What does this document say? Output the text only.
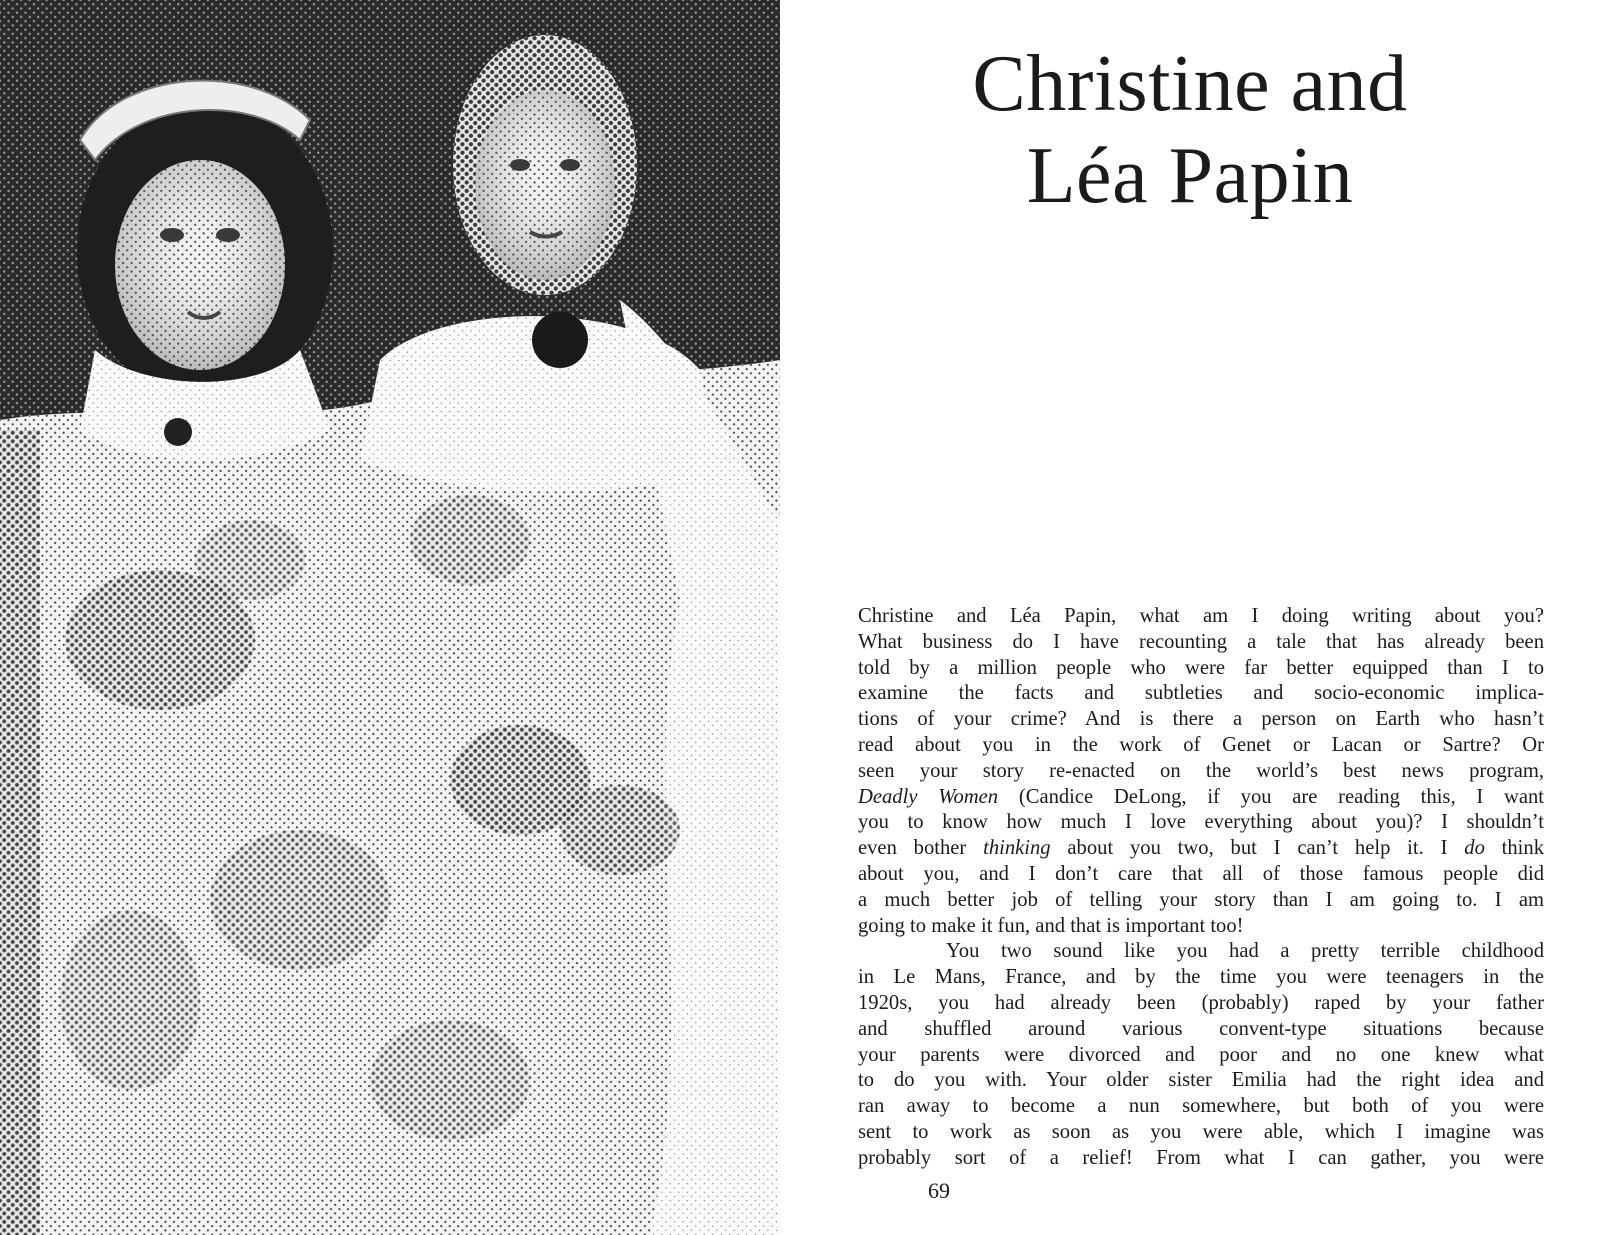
Christine and
Léa Papin
Christine and Léa Papin, what am I doing writing about you?
What business do I have recounting a tale that has already been
told by a million people who were far better equipped than I to
examine the facts and subtleties and socio-economic implica-
tions of your crime? And is there a person on Earth who hasn’t
read about you in the work of Genet or Lacan or Sartre? Or
seen your story re-enacted on the world’s best news program,
Deadly Women (Candice DeLong, if you are reading this, I want
you to know how much I love everything about you)? I shouldn’t
even bother thinking about you two, but I can’t help it. I do think
about you, and I don’t care that all of those famous people did
a much better job of telling your story than I am going to. I am
going to make it fun, and that is important too!
You two sound like you had a pretty terrible childhood
in Le Mans, France, and by the time you were teenagers in the
1920s, you had already been (probably) raped by your father
and shuffled around various convent-type situations because
your parents were divorced and poor and no one knew what
to do you with. Your older sister Emilia had the right idea and
ran away to become a nun somewhere, but both of you were
sent to work as soon as you were able, which I imagine was
probably sort of a relief! From what I can gather, you were
69
